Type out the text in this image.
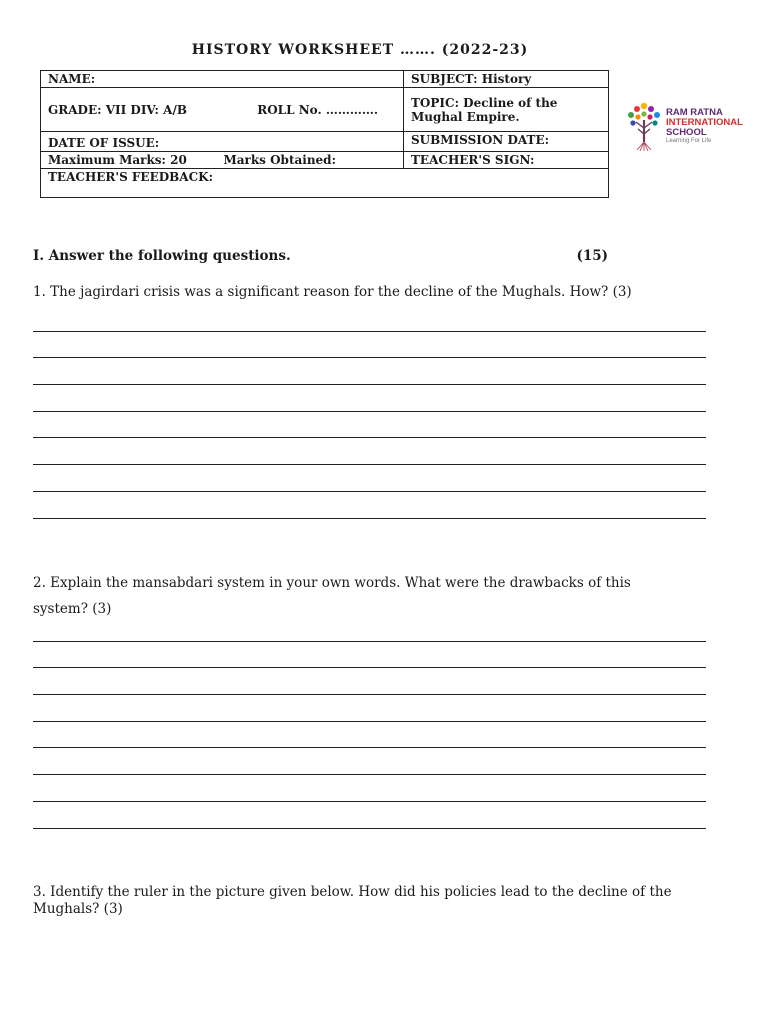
HISTORY WORKSHEET ……. (2022-23)
NAME:	SUBJECT: History

GRADE: VII DIV: A/B ROLL No. ………….	TOPIC: Decline of the Mughal Empire.
DATE OF ISSUE:	SUBMISSION DATE:

Maximum Marks: 20 Marks Obtained:	TEACHER'S SIGN:
TEACHER'S FEEDBACK:	
RAM RATNA
INTERNATIONAL
SCHOOL
Learning For Life
I. Answer the following questions.	(15)
1. The jagirdari crisis was a significant reason for the decline of the Mughals. How? (3)
2. Explain the mansabdari system in your own words. What were the drawbacks of this
system? (3)
3. Identify the ruler in the picture given below. How did his policies lead to the decline of the Mughals? (3)
